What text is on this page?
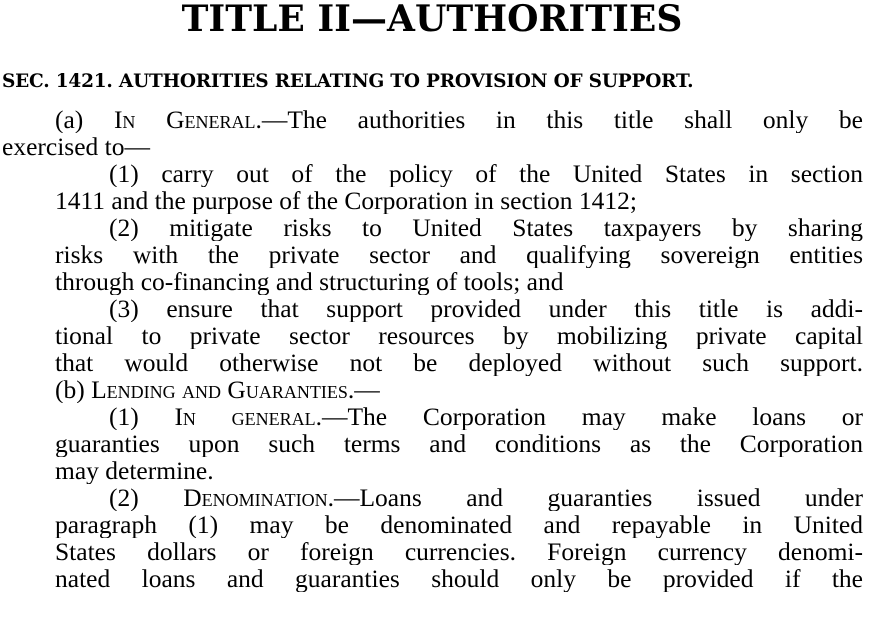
TITLE II—AUTHORITIES
SEC. 1421. AUTHORITIES RELATING TO PROVISION OF SUPPORT.
(a) In General.—The authorities in this title shall only be
exercised to—
(1) carry out of the policy of the United States in section
1411 and the purpose of the Corporation in section 1412;
(2) mitigate risks to United States taxpayers by sharing
risks with the private sector and qualifying sovereign entities
through co-financing and structuring of tools; and
(3) ensure that support provided under this title is addi-
tional to private sector resources by mobilizing private capital
that would otherwise not be deployed without such support.
(b) Lending and Guaranties.—
(1) In general.—The Corporation may make loans or
guaranties upon such terms and conditions as the Corporation
may determine.
(2) Denomination.—Loans and guaranties issued under
paragraph (1) may be denominated and repayable in United
States dollars or foreign currencies. Foreign currency denomi-
nated loans and guaranties should only be provided if the
